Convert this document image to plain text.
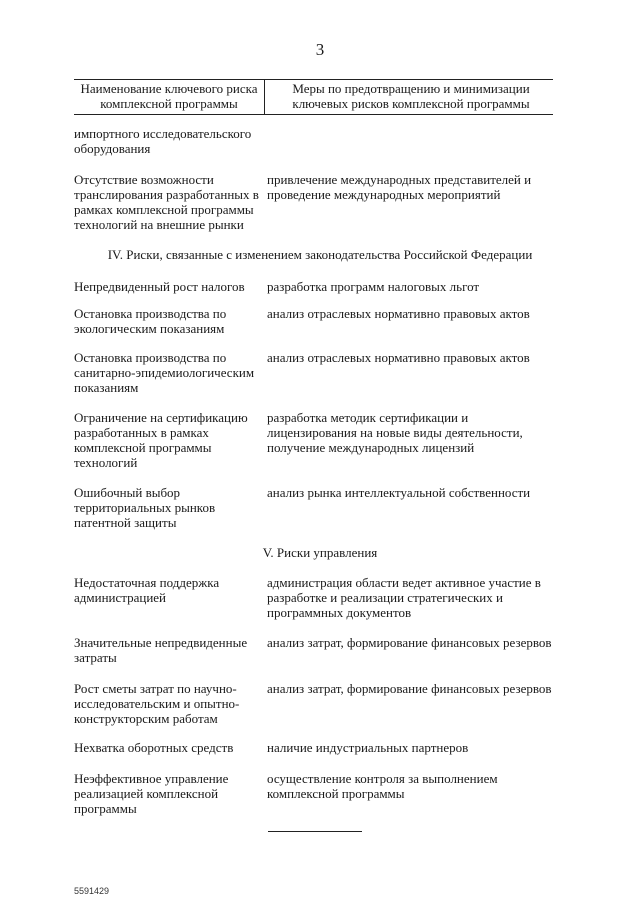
3
Наименование ключевого риска
комплексной программы
Меры по предотвращению и минимизации
ключевых рисков комплексной программы
импортного исследовательского
оборудования
Отсутствие возможности
транслирования разработанных в
рамках комплексной программы
технологий на внешние рынки
привлечение международных представителей и
проведение международных мероприятий
IV. Риски, связанные с изменением законодательства Российской Федерации
Непредвиденный рост налогов	разработка программ налоговых льгот
Остановка производства по
экологическим показаниям
анализ отраслевых нормативно правовых актов
Остановка производства по
санитарно-эпидемиологическим
показаниям
анализ отраслевых нормативно правовых актов
Ограничение на сертификацию
разработанных в рамках
комплексной программы
технологий
разработка методик сертификации и
лицензирования на новые виды деятельности,
получение международных лицензий
Ошибочный выбор
территориальных рынков
патентной защиты
анализ рынка интеллектуальной собственности
V. Риски управления
Недостаточная поддержка
администрацией
администрация области ведет активное участие в
разработке и реализации стратегических и
программных документов
Значительные непредвиденные
затраты
анализ затрат, формирование финансовых резервов
Рост сметы затрат по научно-
исследовательским и опытно-
конструкторским работам
анализ затрат, формирование финансовых резервов
Нехватка оборотных средств	наличие индустриальных партнеров
Неэффективное управление
реализацией комплексной
программы
осуществление контроля за выполнением
комплексной программы
5591429
